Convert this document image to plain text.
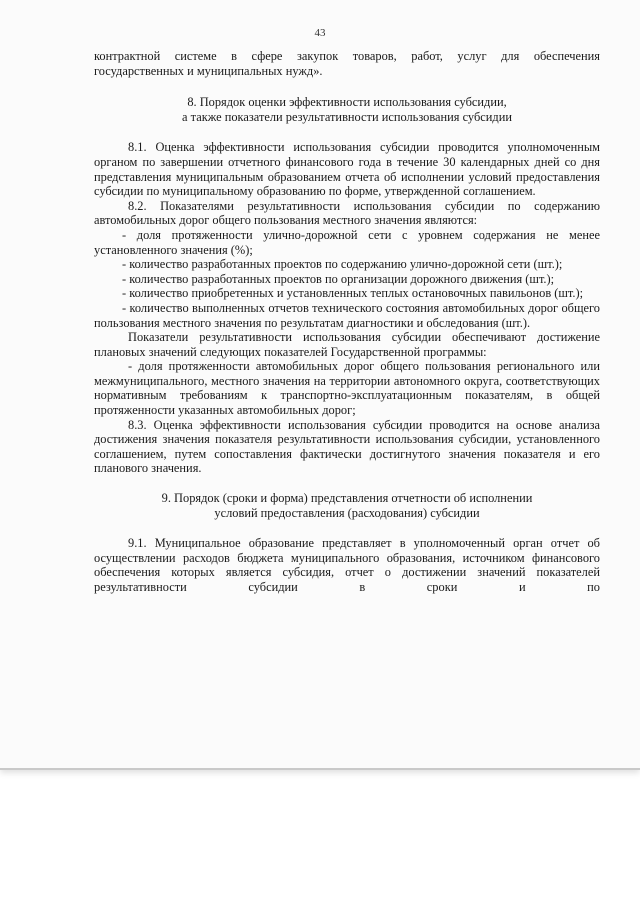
43

контрактной системе в сфере закупок товаров, работ, услуг для обеспечения

государственных и муниципальных нужд».

8. Порядок оценки эффективности использования субсидии,

а также показатели результативности использования субсидии

8.1. Оценка эффективности использования субсидии проводится уполномоченным органом по завершении отчетного финансового года в течение 30 календарных дней со дня представления муниципальным образованием отчета об исполнении условий предоставления субсидии по муниципальному образованию по форме, утвержденной соглашением.

8.2. Показателями результативности использования субсидии по содержанию автомобильных дорог общего пользования местного значения являются:

- доля протяженности улично-дорожной сети с уровнем содержания не менее установленного значения (%);

- количество разработанных проектов по содержанию улично-дорожной сети (шт.);

- количество разработанных проектов по организации дорожного движения (шт.);

- количество приобретенных и установленных теплых остановочных павильонов (шт.);

- количество выполненных отчетов технического состояния автомобильных дорог общего пользования местного значения по результатам диагностики и обследования (шт.).

Показатели результативности использования субсидии обеспечивают достижение плановых значений следующих показателей Государственной программы:

- доля протяженности автомобильных дорог общего пользования регионального или межмуниципального, местного значения на территории автономного округа, соответствующих нормативным требованиям к транспортно-эксплуатационным показателям, в общей протяженности указанных автомобильных дорог;

8.3. Оценка эффективности использования субсидии проводится на основе анализа достижения значения показателя результативности использования субсидии, установленного соглашением, путем сопоставления фактически достигнутого значения показателя и его планового значения.

9. Порядок (сроки и форма) представления отчетности об исполнении

условий предоставления (расходования) субсидии

9.1. Муниципальное образование представляет в уполномоченный орган отчет об осуществлении расходов бюджета муниципального образования, источником финансового обеспечения которых является субсидия, отчет о достижении значений показателей результативности субсидии в сроки и по
